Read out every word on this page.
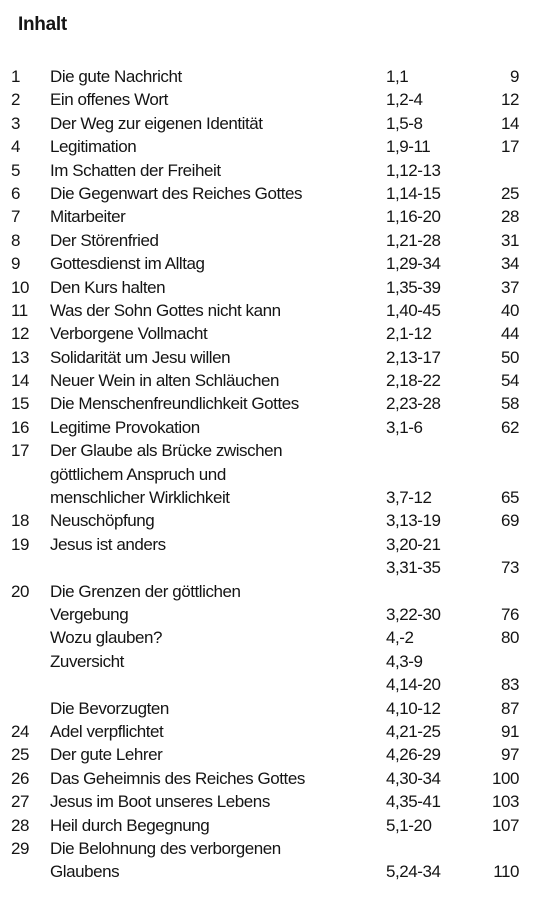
Inhalt
1 Die gute Nachricht	1,1	9
2 Ein offenes Wort	1,2-4	12
3 Der Weg zur eigenen Identität	1,5-8	14
4 Legitimation	1,9-11	17
5 Im Schatten der Freiheit	1,12-13
6 Die Gegenwart des Reiches Gottes	1,14-15	25
7 Mitarbeiter	1,16-20	28
8 Der Störenfried	1,21-28	31
9 Gottesdienst im Alltag	1,29-34	34
10 Den Kurs halten	1,35-39	37
11 Was der Sohn Gottes nicht kann	1,40-45	40
12 Verborgene Vollmacht	2,1-12	44
13 Solidarität um Jesu willen	2,13-17	50
14 Neuer Wein in alten Schläuchen	2,18-22	54
15 Die Menschenfreundlichkeit Gottes	2,23-28	58
16 Legitime Provokation	3,1-6	62
17 Der Glaube als Brücke zwischen
göttlichem Anspruch und
menschlicher Wirklichkeit	3,7-12	65
18 Neuschöpfung	3,13-19	69
19 Jesus ist anders	3,20-21
3,31-35	73
20 Die Grenzen der göttlichen
Vergebung	3,22-30	76
Wozu glauben?	4,-2	80
Zuversicht	4,3-9
4,14-20	83
Die Bevorzugten	4,10-12	87
24 Adel verpflichtet	4,21-25	91
25 Der gute Lehrer	4,26-29	97
26 Das Geheimnis des Reiches Gottes	4,30-34	100
27 Jesus im Boot unseres Lebens	4,35-41	103
28 Heil durch Begegnung	5,1-20	107
29 Die Belohnung des verborgenen
Glaubens	5,24-34	110
